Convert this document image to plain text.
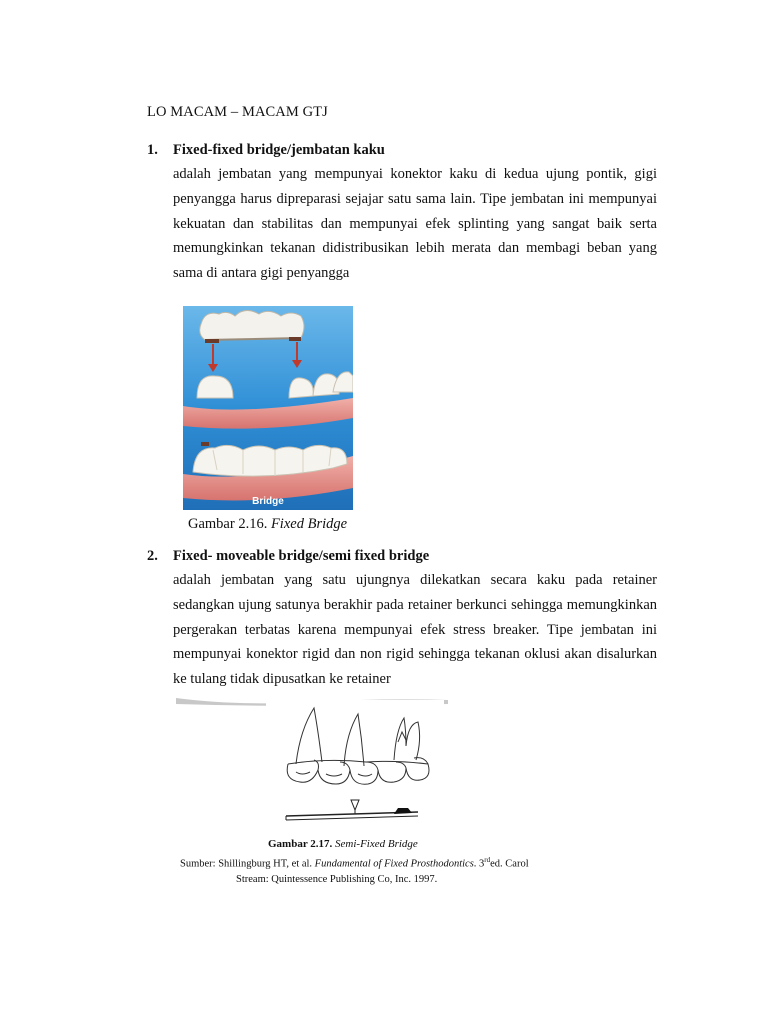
LO MACAM – MACAM GTJ
1. Fixed-fixed bridge/jembatan kaku

adalah jembatan yang mempunyai konektor kaku di kedua ujung pontik, gigi penyangga harus dipreparasi sejajar satu sama lain. Tipe jembatan ini mempunyai kekuatan dan stabilitas dan mempunyai efek splinting yang sangat baik serta memungkinkan tekanan didistribusikan lebih merata dan membagi beban yang sama di antara gigi penyangga

Bridge
Gambar 2.16. Fixed Bridge
2. Fixed- moveable bridge/semi fixed bridge

adalah jembatan yang satu ujungnya dilekatkan secara kaku pada retainer sedangkan ujung satunya berakhir pada retainer berkunci sehingga memungkinkan pergerakan terbatas karena mempunyai efek stress breaker. Tipe jembatan ini mempunyai konektor rigid dan non rigid sehingga tekanan oklusi akan disalurkan ke tulang tidak dipusatkan ke retainer

Gambar 2.17. Semi-Fixed Bridge
Sumber: Shillingburg HT, et al. Fundamental of Fixed Prosthodontics. 3rded. Carol
Stream: Quintessence Publishing Co, Inc. 1997.
